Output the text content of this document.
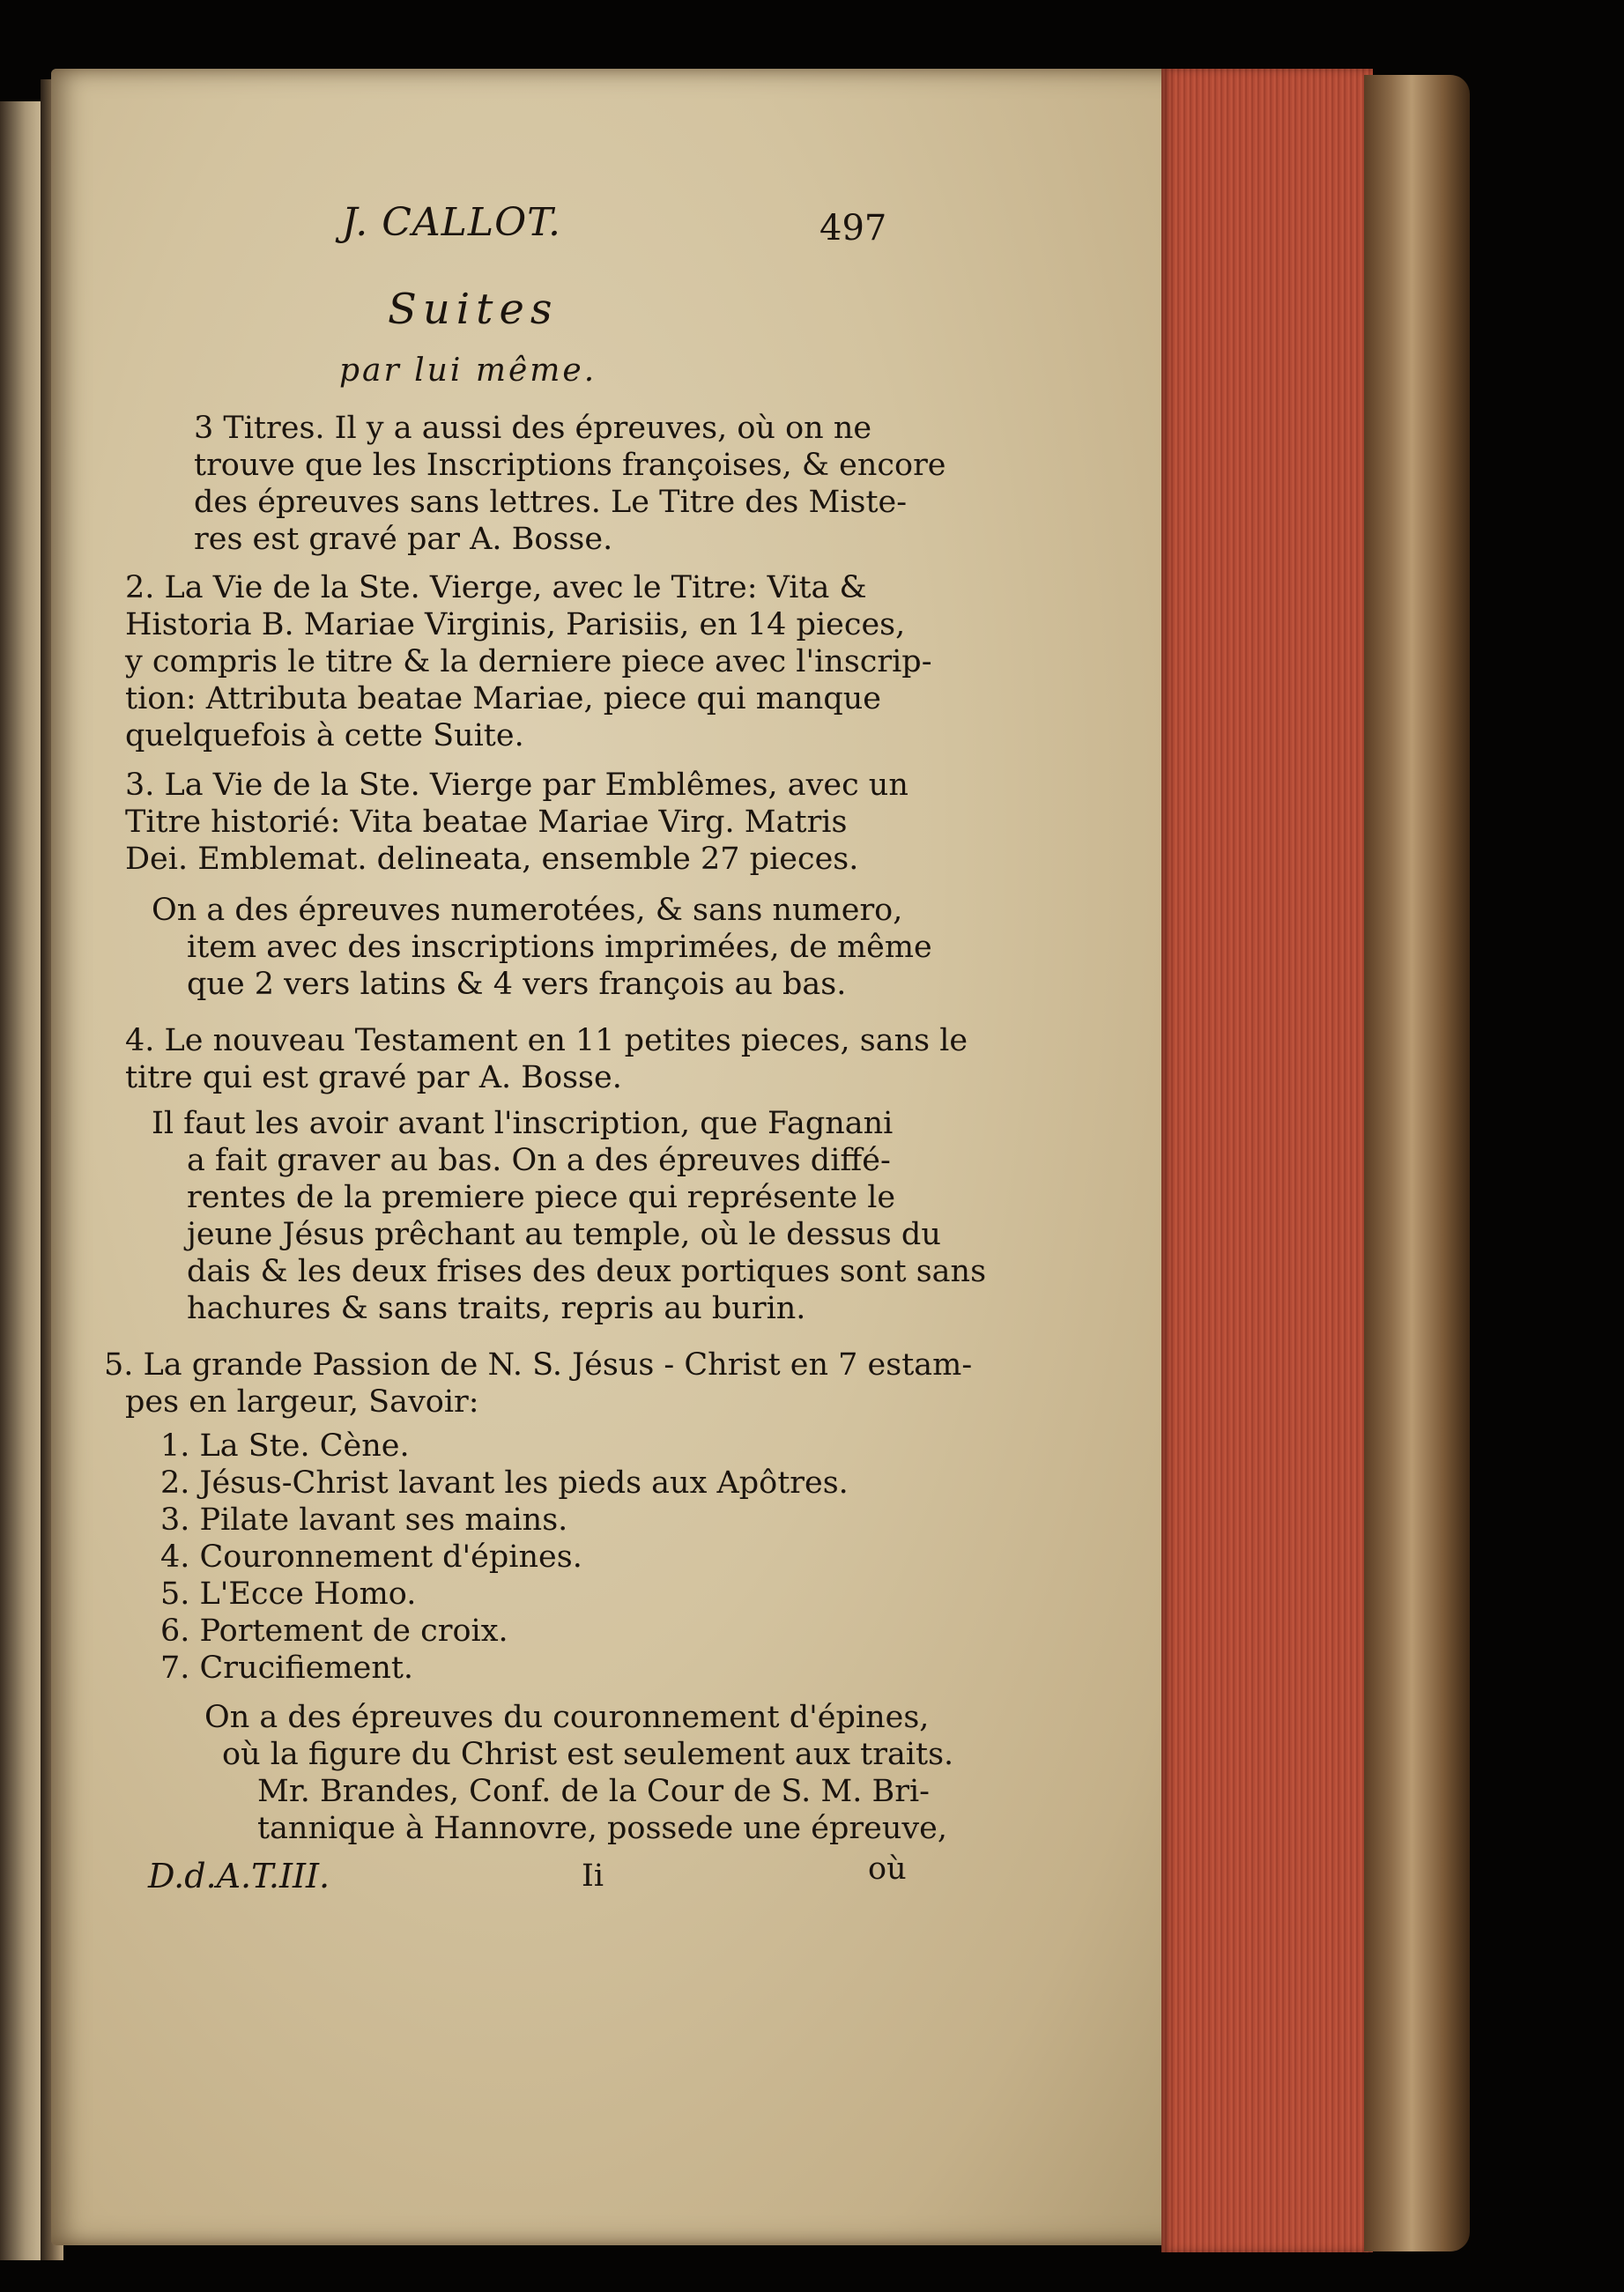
J. CALLOT.	497
Suites
par lui même.
3 Titres. Il y a aussi des épreuves, où on ne
trouve que les Inscriptions françoises, & encore
des épreuves sans lettres. Le Titre des Miste-
res est gravé par A. Bosse.
2. La Vie de la Ste. Vierge, avec le Titre: Vita &
Historia B. Mariae Virginis, Parisiis, en 14 pieces,
y compris le titre & la derniere piece avec l'inscrip-
tion: Attributa beatae Mariae, piece qui manque
quelquefois à cette Suite.
3. La Vie de la Ste. Vierge par Emblêmes, avec un
Titre historié: Vita beatae Mariae Virg. Matris
Dei. Emblemat. delineata, ensemble 27 pieces.
On a des épreuves numerotées, & sans numero,
item avec des inscriptions imprimées, de même
que 2 vers latins & 4 vers françois au bas.
4. Le nouveau Testament en 11 petites pieces, sans le
titre qui est gravé par A. Bosse.
Il faut les avoir avant l'inscription, que Fagnani
a fait graver au bas. On a des épreuves diffé-
rentes de la premiere piece qui représente le
jeune Jésus prêchant au temple, où le dessus du
dais & les deux frises des deux portiques sont sans
hachures & sans traits, repris au burin.
5. La grande Passion de N. S. Jésus - Christ en 7 estam-
pes en largeur, Savoir:
1. La Ste. Cène.
2. Jésus-Christ lavant les pieds aux Apôtres.
3. Pilate lavant ses mains.
4. Couronnement d'épines.
5. L'Ecce Homo.
6. Portement de croix.
7. Crucifiement.
On a des épreuves du couronnement d'épines,
où la figure du Christ est seulement aux traits.
Mr. Brandes, Conf. de la Cour de S. M. Bri-
tannique à Hannovre, possede une épreuve,
D.d.A.T.III.	Ii	où
